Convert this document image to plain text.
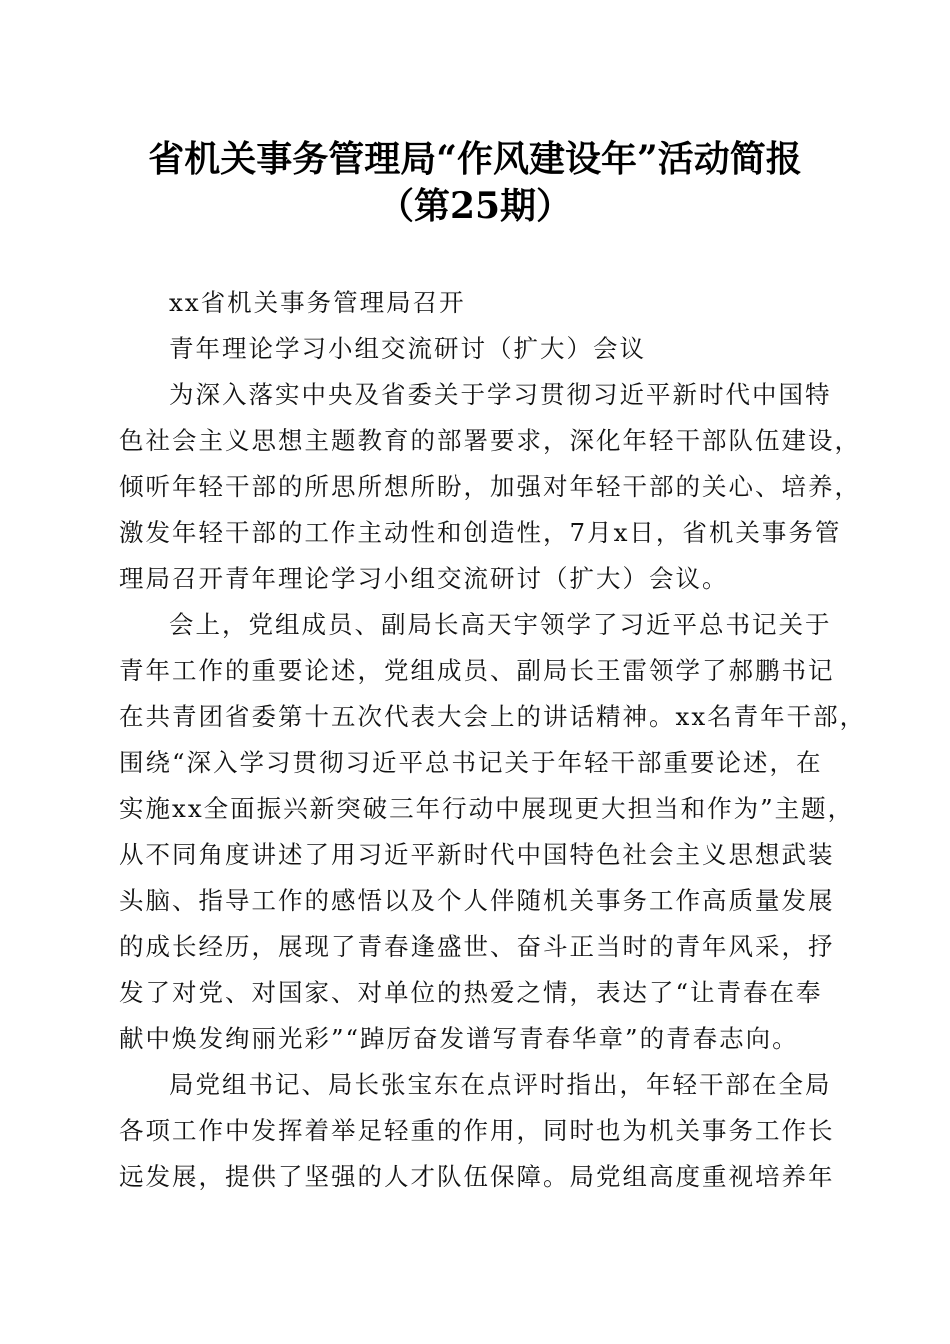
省机关事务管理局“作风建设年”活动简报
（第25期）
xx省机关事务管理局召开
青年理论学习小组交流研讨（扩大）会议
为深入落实中央及省委关于学习贯彻习近平新时代中国特
色社会主义思想主题教育的部署要求，深化年轻干部队伍建设，
倾听年轻干部的所思所想所盼，加强对年轻干部的关心、培养，
激发年轻干部的工作主动性和创造性，7月x日，省机关事务管
理局召开青年理论学习小组交流研讨（扩大）会议。
会上，党组成员、副局长高天宇领学了习近平总书记关于
青年工作的重要论述，党组成员、副局长王雷领学了郝鹏书记
在共青团省委第十五次代表大会上的讲话精神。xx名青年干部，
围绕“深入学习贯彻习近平总书记关于年轻干部重要论述，在
实施xx全面振兴新突破三年行动中展现更大担当和作为”主题，
从不同角度讲述了用习近平新时代中国特色社会主义思想武装
头脑、指导工作的感悟以及个人伴随机关事务工作高质量发展
的成长经历，展现了青春逢盛世、奋斗正当时的青年风采，抒
发了对党、对国家、对单位的热爱之情，表达了“让青春在奉
献中焕发绚丽光彩”“踔厉奋发谱写青春华章”的青春志向。
局党组书记、局长张宝东在点评时指出，年轻干部在全局
各项工作中发挥着举足轻重的作用，同时也为机关事务工作长
远发展，提供了坚强的人才队伍保障。局党组高度重视培养年
